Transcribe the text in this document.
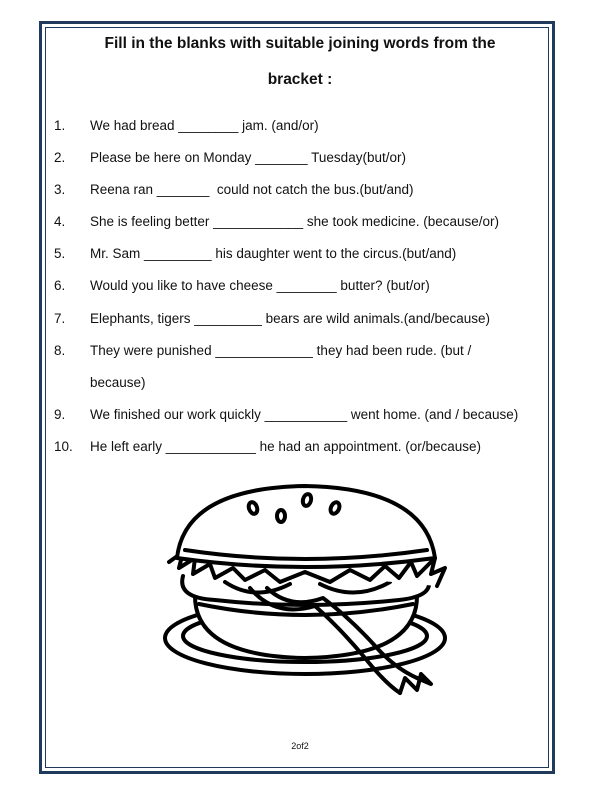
Fill in the blanks with suitable joining words from the
bracket :
1. We had bread ________ jam. (and/or)
2. Please be here on Monday _______ Tuesday(but/or)
3. Reena ran _______  could not catch the bus.(but/and)
4. She is feeling better ____________ she took medicine. (because/or)
5. Mr. Sam _________ his daughter went to the circus.(but/and)
6. Would you like to have cheese ________ butter? (but/or)
7. Elephants, tigers _________ bears are wild animals.(and/because)
8. They were punished _____________ they had been rude. (but /
because)
9. We finished our work quickly ___________ went home. (and / because)
10. He left early ____________ he had an appointment. (or/because)
2of2
